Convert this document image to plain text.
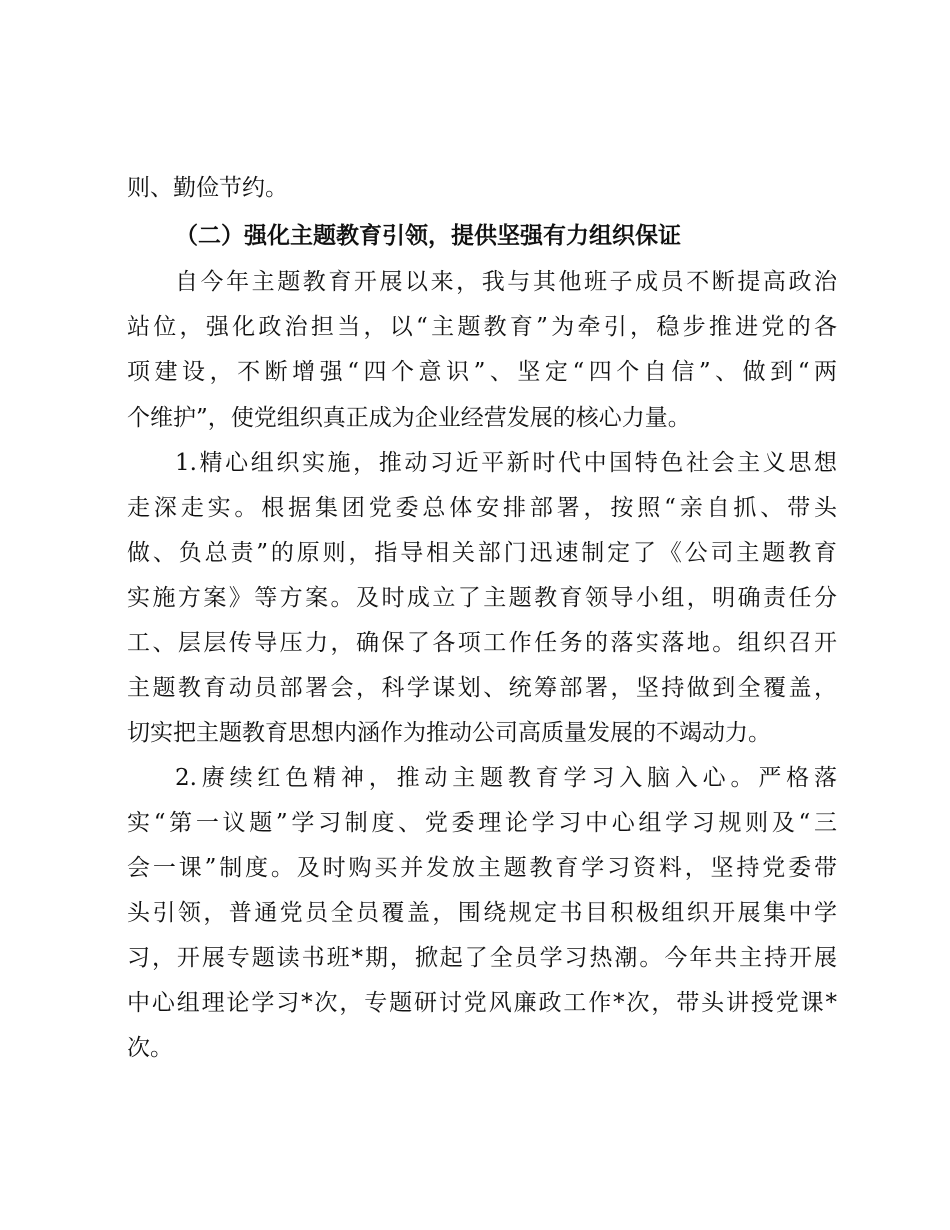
则、勤俭节约。
（二）强化主题教育引领，提供坚强有力组织保证
自今年主题教育开展以来，我与其他班子成员不断提高政治
站位，强化政治担当，以“主题教育”为牵引，稳步推进党的各
项建设，不断增强“四个意识”、坚定“四个自信”、做到“两
个维护”，使党组织真正成为企业经营发展的核心力量。
1.精心组织实施，推动习近平新时代中国特色社会主义思想
走深走实。根据集团党委总体安排部署，按照“亲自抓、带头
做、负总责”的原则，指导相关部门迅速制定了《公司主题教育
实施方案》等方案。及时成立了主题教育领导小组，明确责任分
工、层层传导压力，确保了各项工作任务的落实落地。组织召开
主题教育动员部署会，科学谋划、统筹部署，坚持做到全覆盖，
切实把主题教育思想内涵作为推动公司高质量发展的不竭动力。
2.赓续红色精神，推动主题教育学习入脑入心。严格落
实“第一议题”学习制度、党委理论学习中心组学习规则及“三
会一课”制度。及时购买并发放主题教育学习资料，坚持党委带
头引领，普通党员全员覆盖，围绕规定书目积极组织开展集中学
习，开展专题读书班*期，掀起了全员学习热潮。今年共主持开展
中心组理论学习*次，专题研讨党风廉政工作*次，带头讲授党课*
次。
